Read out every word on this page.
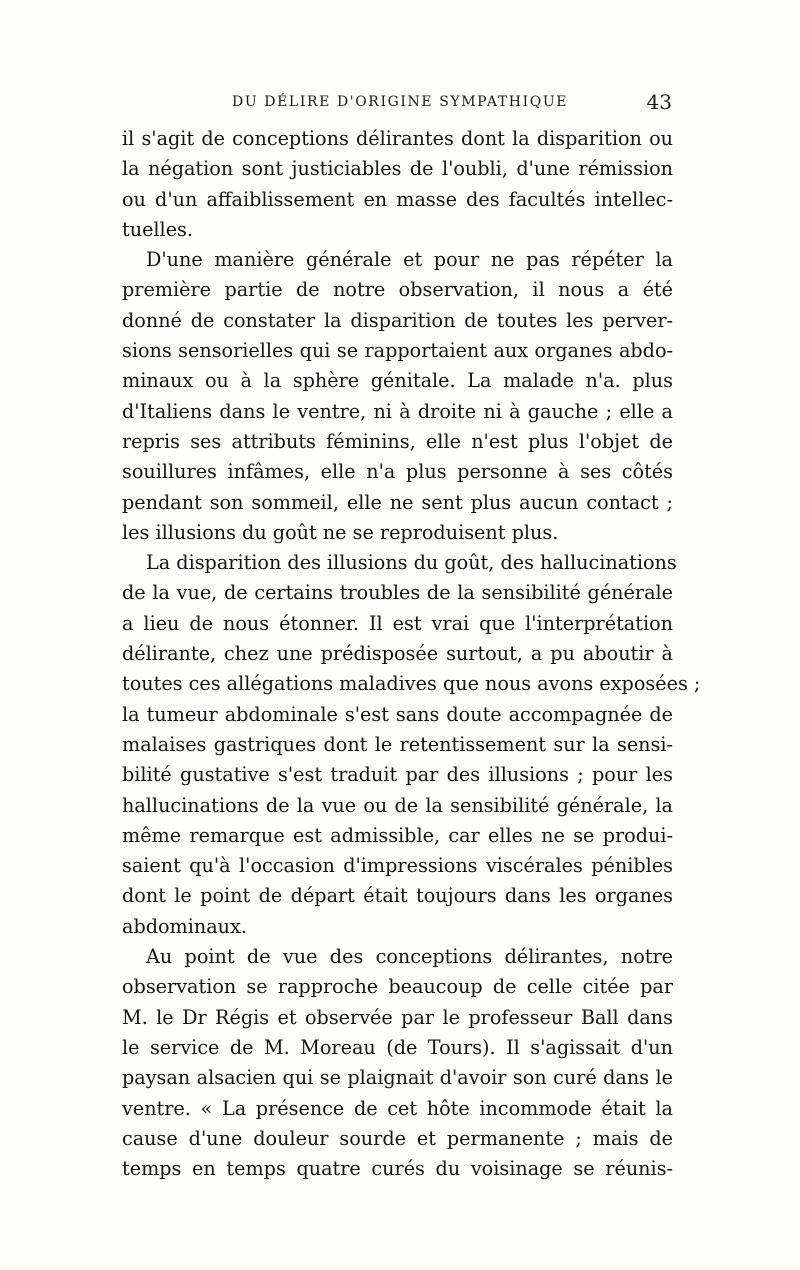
DU DÉLIRE D'ORIGINE SYMPATHIQUE	43
il s'agit de conceptions délirantes dont la disparition ou
la négation sont justiciables de l'oubli, d'une rémission
ou d'un affaiblissement en masse des facultés intellec-
tuelles.
D'une manière générale et pour ne pas répéter la
première partie de notre observation, il nous a été
donné de constater la disparition de toutes les perver-
sions sensorielles qui se rapportaient aux organes abdo-
minaux ou à la sphère génitale. La malade n'a. plus
d'Italiens dans le ventre, ni à droite ni à gauche ; elle a
repris ses attributs féminins, elle n'est plus l'objet de
souillures infâmes, elle n'a plus personne à ses côtés
pendant son sommeil, elle ne sent plus aucun contact ;
les illusions du goût ne se reproduisent plus.
La disparition des illusions du goût, des hallucinations
de la vue, de certains troubles de la sensibilité générale
a lieu de nous étonner. Il est vrai que l'interprétation
délirante, chez une prédisposée surtout, a pu aboutir à
toutes ces allégations maladives que nous avons exposées ;
la tumeur abdominale s'est sans doute accompagnée de
malaises gastriques dont le retentissement sur la sensi-
bilité gustative s'est traduit par des illusions ; pour les
hallucinations de la vue ou de la sensibilité générale, la
même remarque est admissible, car elles ne se produi-
saient qu'à l'occasion d'impressions viscérales pénibles
dont le point de départ était toujours dans les organes
abdominaux.
Au point de vue des conceptions délirantes, notre
observation se rapproche beaucoup de celle citée par
M. le Dr Régis et observée par le professeur Ball dans
le service de M. Moreau (de Tours). Il s'agissait d'un
paysan alsacien qui se plaignait d'avoir son curé dans le
ventre. « La présence de cet hôte incommode était la
cause d'une douleur sourde et permanente ; mais de
temps en temps quatre curés du voisinage se réunis-
